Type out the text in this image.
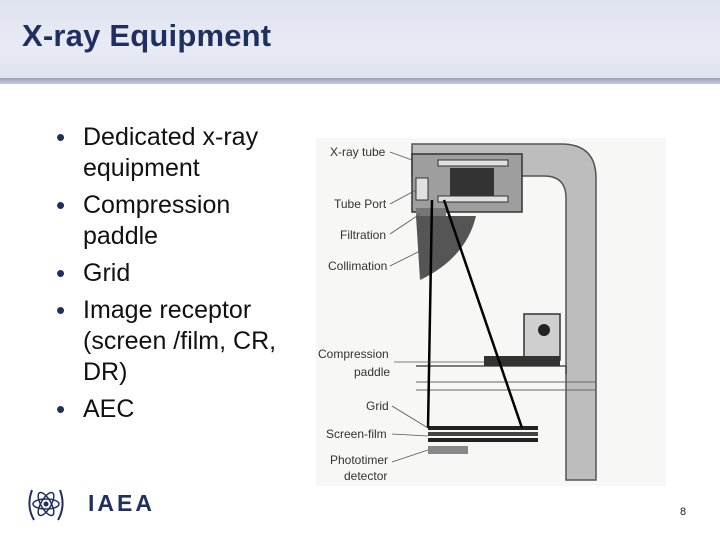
X-ray Equipment
• Dedicated x-ray equipment
• Compression paddle
• Grid
• Image receptor (screen /film, CR, DR)
• AEC
X-ray tube
Tube Port
Filtration
Collimation
Compression
paddle
Grid
Screen-film
Phototimer
detector
IAEA	8
